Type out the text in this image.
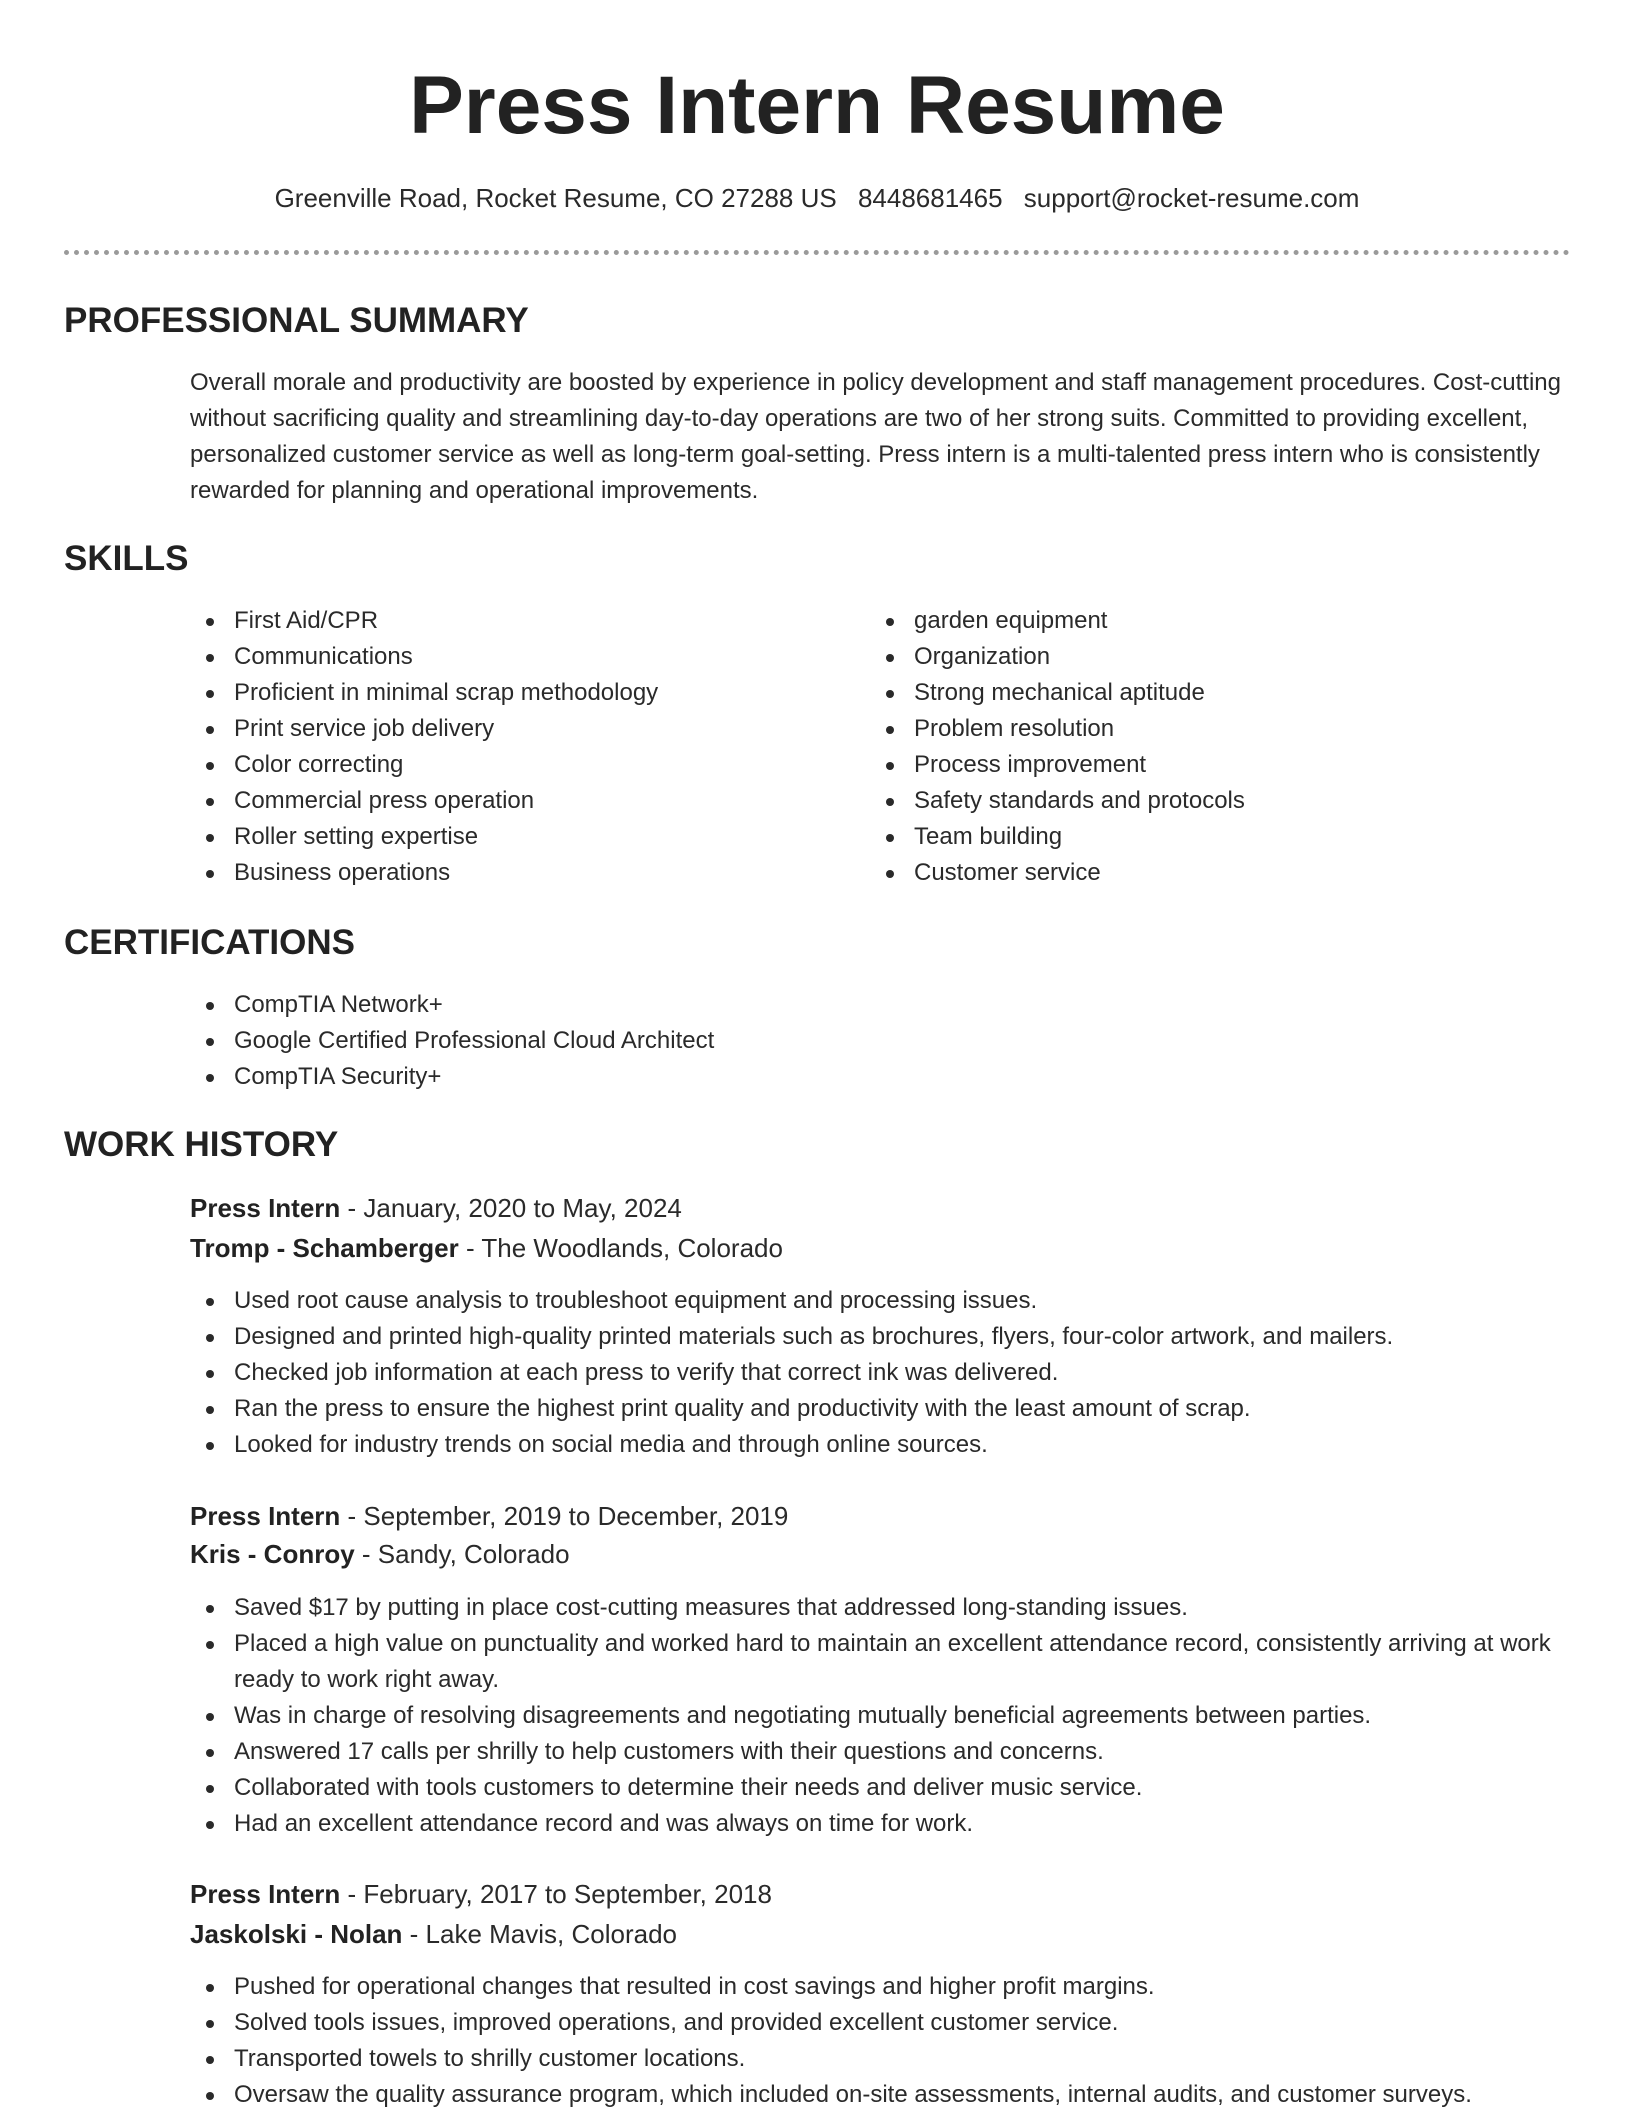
Press Intern Resume
Greenville Road, Rocket Resume, CO 27288 US 8448681465 support@rocket-resume.com
PROFESSIONAL SUMMARY

Overall morale and productivity are boosted by experience in policy development and staff management procedures. Cost-cutting without sacrificing quality and streamlining day-to-day operations are two of her strong suits. Committed to providing excellent, personalized customer service as well as long-term goal-setting. Press intern is a multi-talented press intern who is consistently rewarded for planning and operational improvements.

SKILLS
First Aid/CPR
Communications
Proficient in minimal scrap methodology
Print service job delivery
Color correcting
Commercial press operation
Roller setting expertise
Business operations
garden equipment
Organization
Strong mechanical aptitude
Problem resolution
Process improvement
Safety standards and protocols
Team building
Customer service
CERTIFICATIONS
CompTIA Network+
Google Certified Professional Cloud Architect
CompTIA Security+
WORK HISTORY
Press Intern - January, 2020 to May, 2024
Tromp - Schamberger - The Woodlands, Colorado
Used root cause analysis to troubleshoot equipment and processing issues.
Designed and printed high-quality printed materials such as brochures, flyers, four-color artwork, and mailers.
Checked job information at each press to verify that correct ink was delivered.
Ran the press to ensure the highest print quality and productivity with the least amount of scrap.
Looked for industry trends on social media and through online sources.
Press Intern - September, 2019 to December, 2019
Kris - Conroy - Sandy, Colorado
Saved $17 by putting in place cost-cutting measures that addressed long-standing issues.
Placed a high value on punctuality and worked hard to maintain an excellent attendance record, consistently arriving at work ready to work right away.
Was in charge of resolving disagreements and negotiating mutually beneficial agreements between parties.
Answered 17 calls per shrilly to help customers with their questions and concerns.
Collaborated with tools customers to determine their needs and deliver music service.
Had an excellent attendance record and was always on time for work.
Press Intern - February, 2017 to September, 2018
Jaskolski - Nolan - Lake Mavis, Colorado
Pushed for operational changes that resulted in cost savings and higher profit margins.
Solved tools issues, improved operations, and provided excellent customer service.
Transported towels to shrilly customer locations.
Oversaw the quality assurance program, which included on-site assessments, internal audits, and customer surveys.
